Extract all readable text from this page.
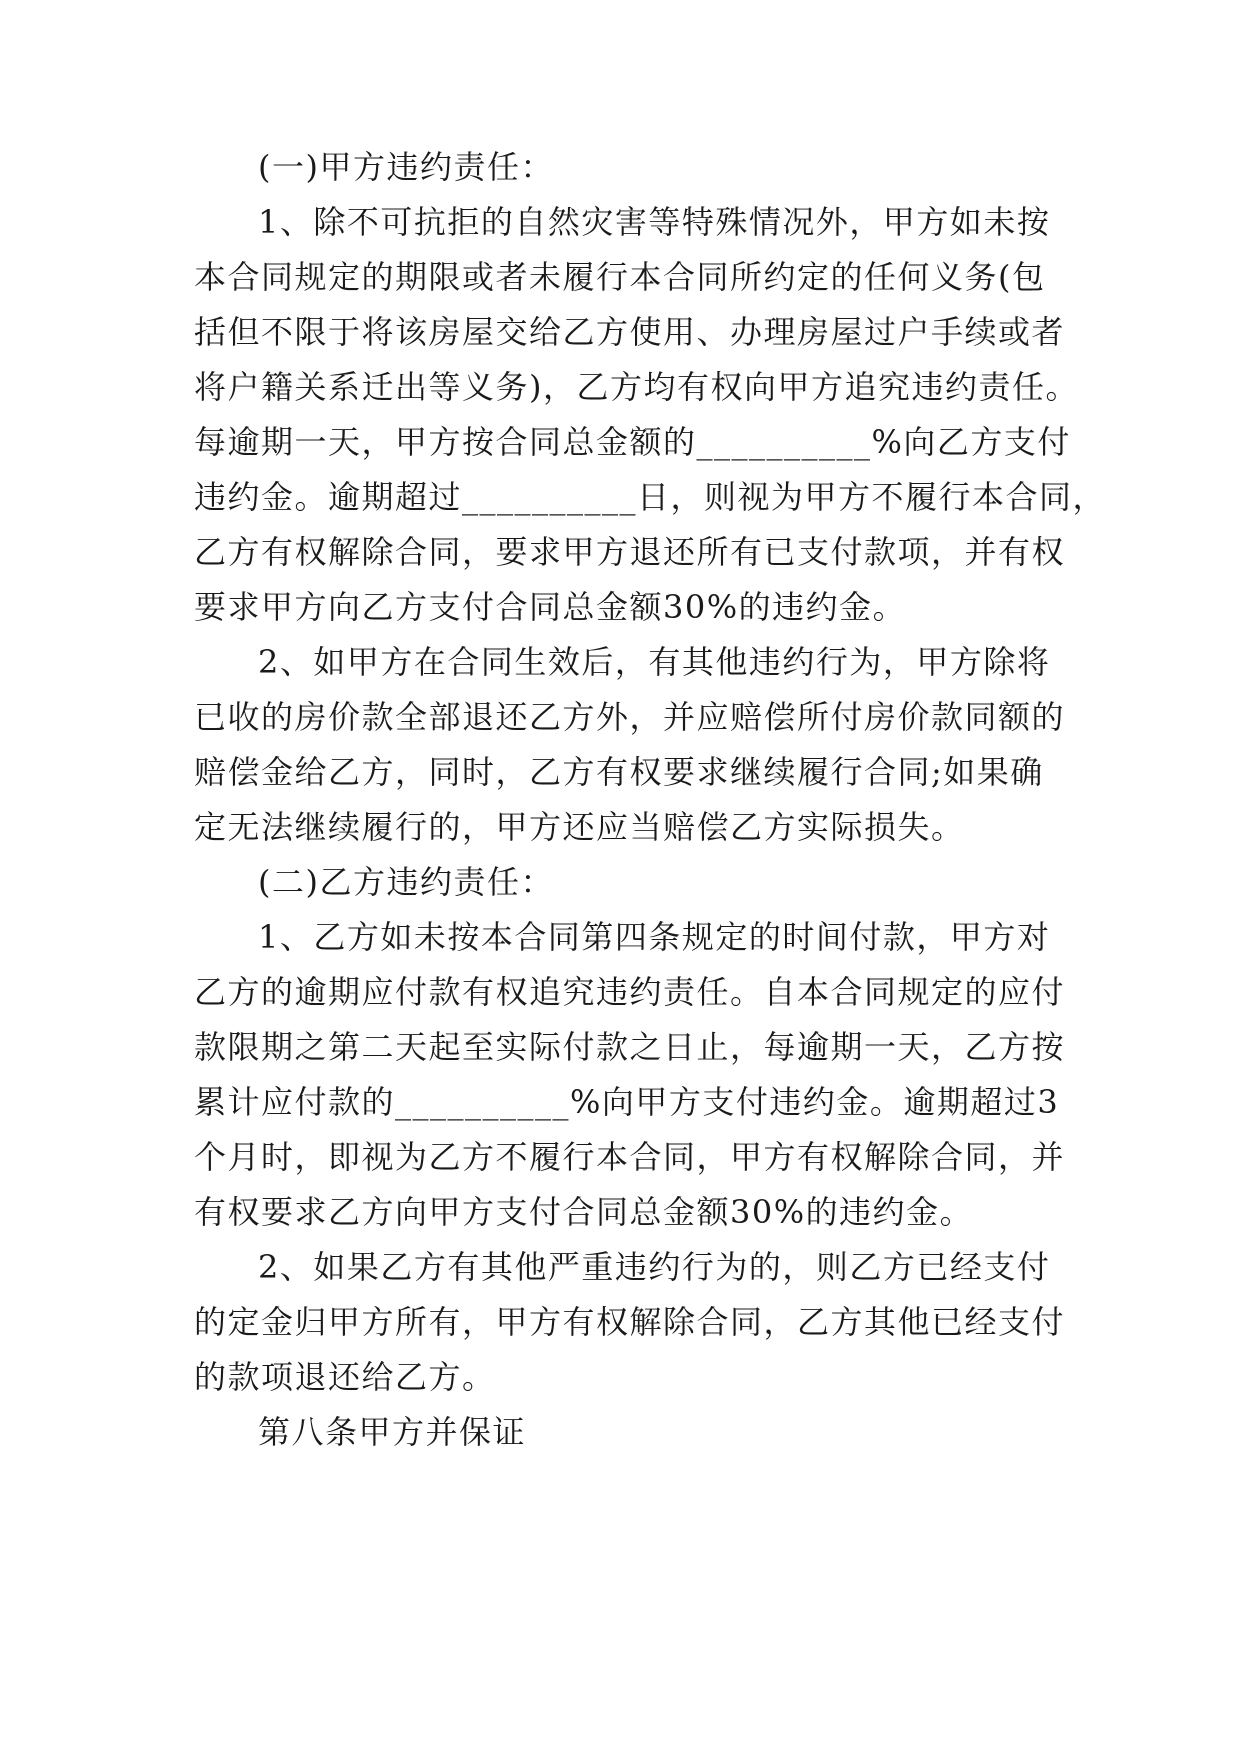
(一)甲方违约责任：
1、除不可抗拒的自然灾害等特殊情况外，甲方如未按
本合同规定的期限或者未履行本合同所约定的任何义务(包
括但不限于将该房屋交给乙方使用、办理房屋过户手续或者
将户籍关系迁出等义务)，乙方均有权向甲方追究违约责任。
每逾期一天，甲方按合同总金额的__________%向乙方支付
违约金。逾期超过__________日，则视为甲方不履行本合同，
乙方有权解除合同，要求甲方退还所有已支付款项，并有权
要求甲方向乙方支付合同总金额30%的违约金。
2、如甲方在合同生效后，有其他违约行为，甲方除将
已收的房价款全部退还乙方外，并应赔偿所付房价款同额的
赔偿金给乙方，同时，乙方有权要求继续履行合同;如果确
定无法继续履行的，甲方还应当赔偿乙方实际损失。
(二)乙方违约责任：
1、乙方如未按本合同第四条规定的时间付款，甲方对
乙方的逾期应付款有权追究违约责任。自本合同规定的应付
款限期之第二天起至实际付款之日止，每逾期一天，乙方按
累计应付款的__________%向甲方支付违约金。逾期超过3
个月时，即视为乙方不履行本合同，甲方有权解除合同，并
有权要求乙方向甲方支付合同总金额30%的违约金。
2、如果乙方有其他严重违约行为的，则乙方已经支付
的定金归甲方所有，甲方有权解除合同，乙方其他已经支付
的款项退还给乙方。
第八条甲方并保证
